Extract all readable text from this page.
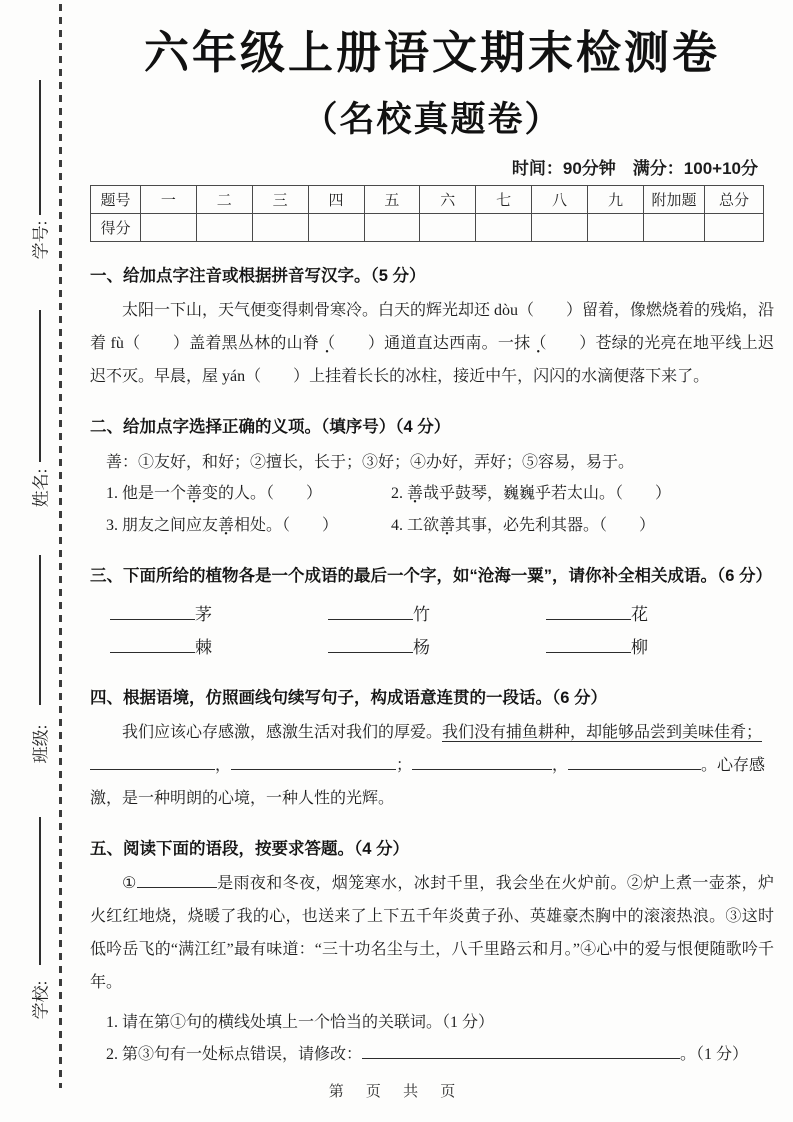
学号:
姓名:
班级:
学校:
六年级上册语文期末检测卷
（名校真题卷）
时间：90分钟　满分：100+10分
题号	一	二	三	四	五	六	七	八	九	附加题	总分
得分											
一、给加点字注音或根据拼音写汉字。（5 分）
太阳一下山，天气便变得刺骨寒冷。白天的辉光却还 dòu（　　）留着，像燃烧着的残焰，沿着 fù（　　）盖着黑丛林的山脊（　　）通道直达西南。一抹（　　）苍绿的光亮在地平线上迟迟不灭。早晨，屋 yán（　　）上挂着长长的冰柱，接近中午，闪闪的水滴便落下来了。
二、给加点字选择正确的义项。（填序号）（4 分）
善：①友好，和好；②擅长，长于；③好；④办好，弄好；⑤容易，易于。
1. 他是一个善变的人。（　　）	2. 善哉乎鼓琴，巍巍乎若太山。（　　）
3. 朋友之间应友善相处。（　　）	4. 工欲善其事，必先利其器。（　　）
三、下面所给的植物各是一个成语的最后一个字，如“沧海一粟”，请你补全相关成语。（6 分）
茅	竹	花
棘	杨	柳
四、根据语境，仿照画线句续写句子，构成语意连贯的一段话。（6 分）
我们应该心存感激，感激生活对我们的厚爱。我们没有捕鱼耕种，却能够品尝到美味佳肴；
，	；	，	。心存感
激，是一种明朗的心境，一种人性的光辉。
五、阅读下面的语段，按要求答题。（4 分）
①	是雨夜和冬夜，烟笼寒水，冰封千里，我会坐在火炉前。②炉上煮一壶茶，炉火红红地烧，烧暖了我的心，也送来了上下五千年炎黄子孙、英雄豪杰胸中的滚滚热浪。③这时低吟岳飞的“满江红”最有味道：“三十功名尘与土，八千里路云和月。”④心中的爱与恨便随歌吟千年。
1. 请在第①句的横线处填上一个恰当的关联词。（1 分）
2. 第③句有一处标点错误，请修改：	。（1 分）
第 页 共 页
